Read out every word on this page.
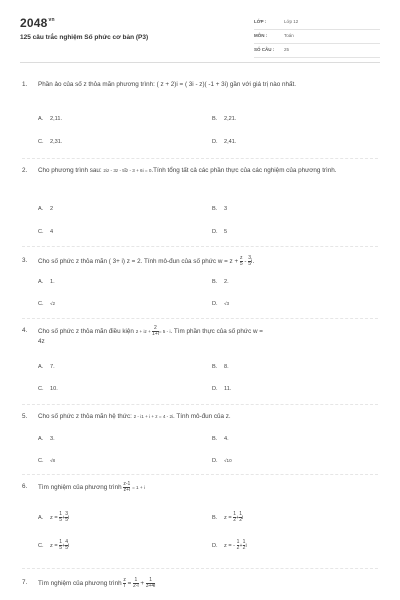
$2048^{vn}$
125 câu trắc nghiệm Số phức cơ bản (P3)
LỚP :	Lớp 12
MÔN :	Toán
SỐ CÂU : 25
1. Phần ảo của số z thỏa mãn phương trình: ( z + 2)i = ( 3i - z)( -1 + 3i) gần với giá trị nào nhất.
A. 2,11.	B. 2,21.
C. 2,31.	D. 2,41.
2. Cho phương trình sau: 2iz - 3z - 5i̅z - 3 + 6i = 0.Tính tổng tất cả các phần thực của các nghiệm của phương trình.
A. 2	B. 3
C. 4	D. 5
3. Cho số phức z thỏa mãn ( 3+ i) z = 2. Tính mô-đun của số phức $w = z + \frac{z}{5} - \frac{3}{5} i$.
A. 1.	B. 2.
C. √2	D. √3
4. Cho số phức z thỏa mãn điều kiện 2 + iz + $\frac{2}{1+i} = 5 - i$. Tìm phần thực của số phức w =
4z
A. 7.	B. 8.
C. 10.	D. 11.
5. Cho số phức z thỏa mãn hệ thức: 2 - i1 + i + z = 4 - 2i. Tính mô-đun của z.
A. 3.	B. 4.
C. √8	D. √10
6. Tìm nghiệm của phương trình $\frac{z-1}{z+i} = 1 + i$
A. $z = \frac{1}{5} + \frac{3}{5}$ i	B. $z = \frac{1}{2} + \frac{1}{2}$ i
C. $z = \frac{1}{5} + \frac{4}{5}$ i	D. z = - $\frac{1}{2} + \frac{1}{2}$ i
7. Tìm nghiệm của phương trình $\frac{z}{i} = \frac{1}{2-i} + \frac{1}{3+4i}$
